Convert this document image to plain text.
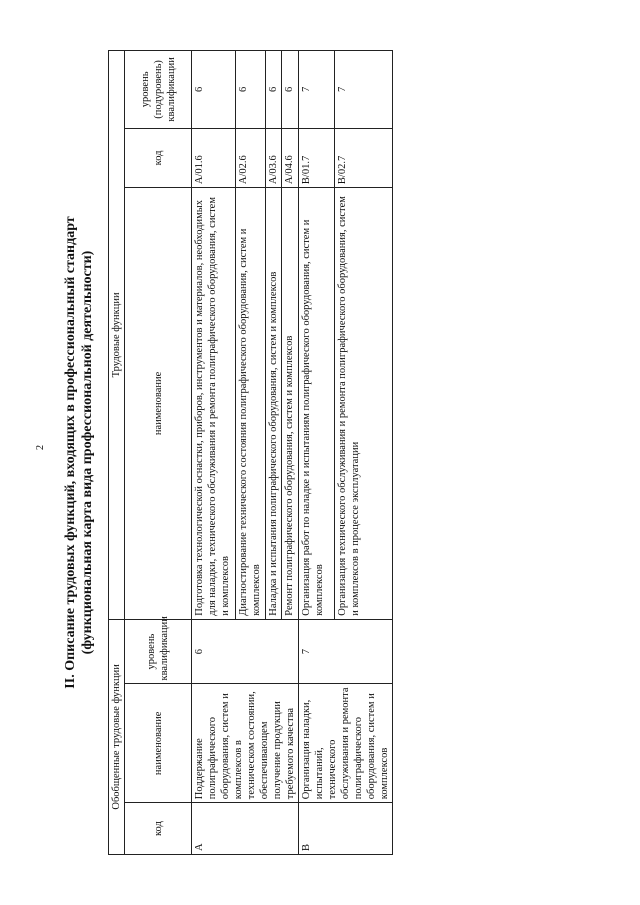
2 II. Описание трудовых функций, входящих в профессиональный стандарт (функциональная карта вида профессиональной деятельности)
Обобщенные трудовые функции			Трудовые функции		
код	наименование	уровень квалификации	наименование	код	уровень (подуровень) квалификации
A	Поддержание полиграфического оборудования, систем и комплексов в техническом состоянии, обеспечивающем получение продукции требуемого качества	6	Подготовка технологической оснастки, приборов, инструментов и материалов, необходимых для наладки, технического обслуживания и ремонта полиграфического оборудования, систем и комплексов	A/01.6	6
			Диагностирование технического состояния полиграфического оборудования, систем и комплексов	A/02.6	6
			Наладка и испытания полиграфического оборудования, систем и комплексов	A/03.6	6
			Ремонт полиграфического оборудования, систем и комплексов	A/04.6	6
B	Организация наладки, испытаний, технического обслуживания и ремонта полиграфического оборудования, систем и комплексов	7	Организация работ по наладке и испытаниям полиграфического оборудования, систем и комплексов	B/01.7	7
			Организация технического обслуживания и ремонта полиграфического оборудования, систем и комплексов в процессе эксплуатации	B/02.7	7
